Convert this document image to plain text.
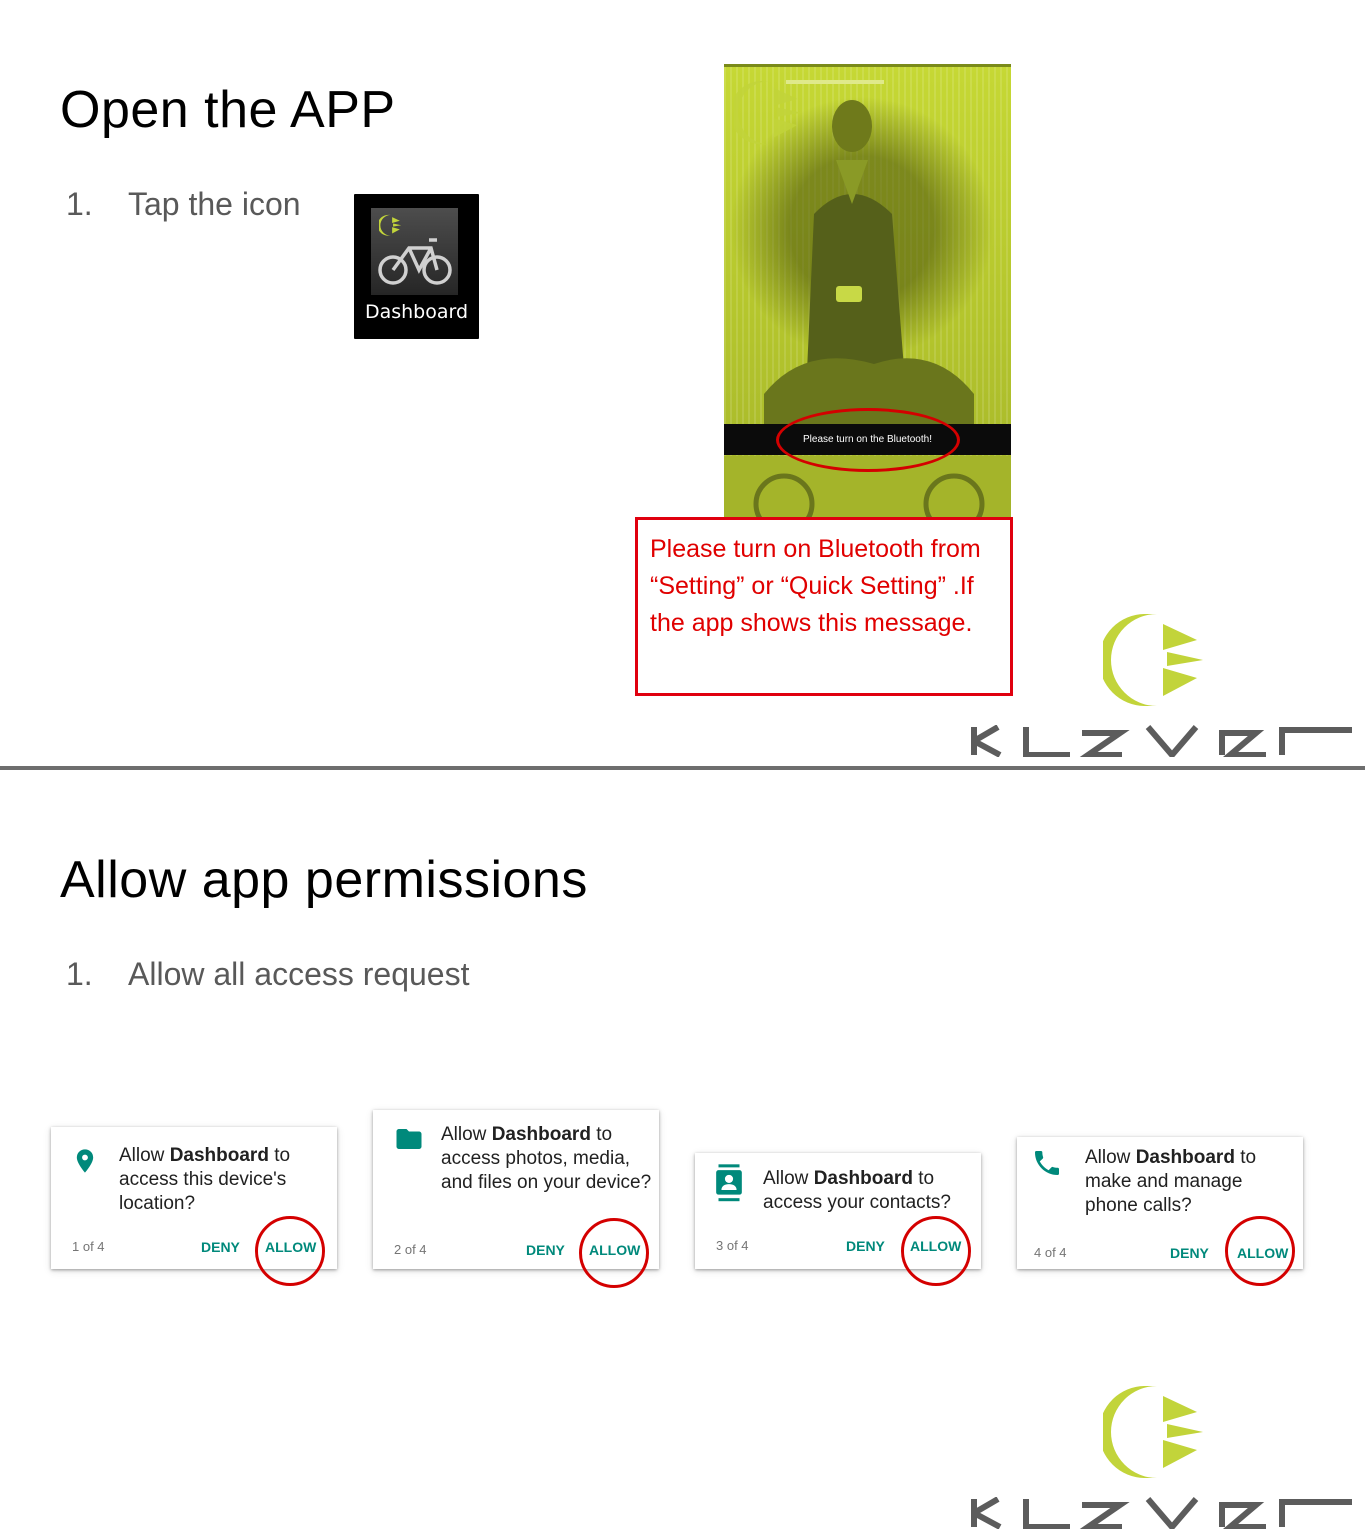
Open the APP
1. Tap the icon
Dashboard
Please turn on the Bluetooth!
Please turn on Bluetooth from “Setting” or “Quick Setting” .If the app shows this message.
Allow app permissions
1. Allow all access request
Allow Dashboard to access this device's location?
1 of 4	DENY ALLOW
Allow Dashboard to access photos, media, and files on your device?
2 of 4	DENY ALLOW
Allow Dashboard to access your contacts?
3 of 4	DENY ALLOW
Allow Dashboard to make and manage phone calls?
4 of 4	DENY ALLOW
